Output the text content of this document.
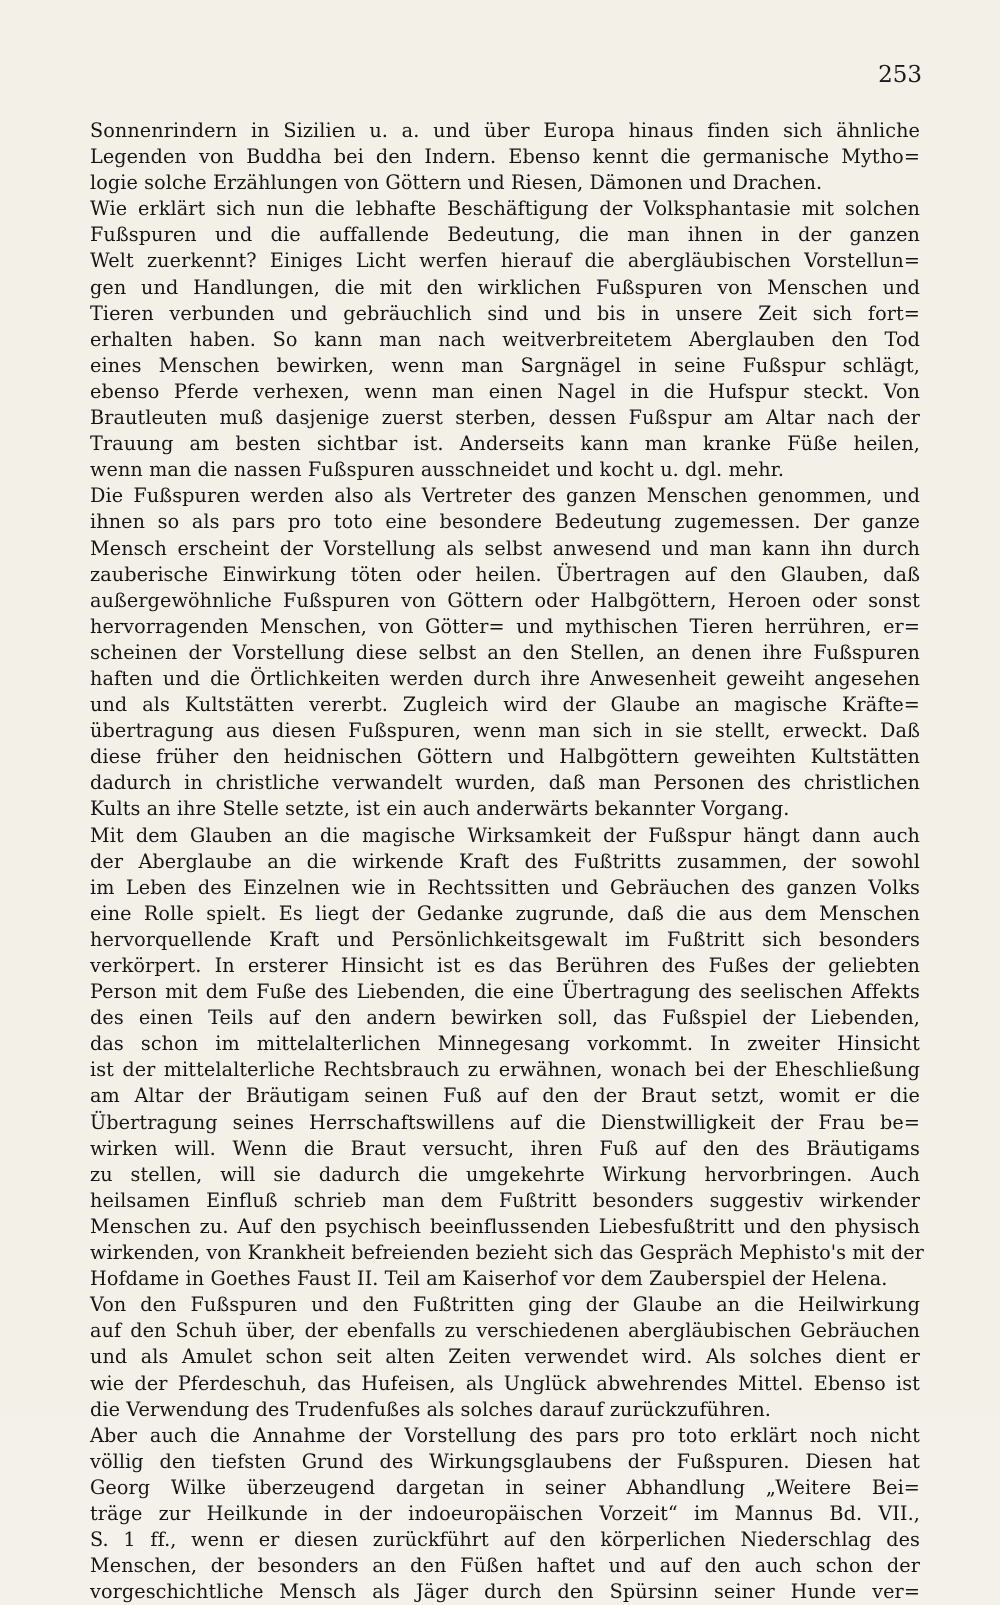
253
Sonnenrindern in Sizilien u. a. und über Europa hinaus finden sich ähnliche
Legenden von Buddha bei den Indern. Ebenso kennt die germanische Mytho=
logie solche Erzählungen von Göttern und Riesen, Dämonen und Drachen.
Wie erklärt sich nun die lebhafte Beschäftigung der Volksphantasie mit solchen
Fußspuren und die auffallende Bedeutung, die man ihnen in der ganzen
Welt zuerkennt? Einiges Licht werfen hierauf die abergläubischen Vorstellun=
gen und Handlungen, die mit den wirklichen Fußspuren von Menschen und
Tieren verbunden und gebräuchlich sind und bis in unsere Zeit sich fort=
erhalten haben. So kann man nach weitverbreitetem Aberglauben den Tod
eines Menschen bewirken, wenn man Sargnägel in seine Fußspur schlägt,
ebenso Pferde verhexen, wenn man einen Nagel in die Hufspur steckt. Von
Brautleuten muß dasjenige zuerst sterben, dessen Fußspur am Altar nach der
Trauung am besten sichtbar ist. Anderseits kann man kranke Füße heilen,
wenn man die nassen Fußspuren ausschneidet und kocht u. dgl. mehr.
Die Fußspuren werden also als Vertreter des ganzen Menschen genommen, und
ihnen so als pars pro toto eine besondere Bedeutung zugemessen. Der ganze
Mensch erscheint der Vorstellung als selbst anwesend und man kann ihn durch
zauberische Einwirkung töten oder heilen. Übertragen auf den Glauben, daß
außergewöhnliche Fußspuren von Göttern oder Halbgöttern, Heroen oder sonst
hervorragenden Menschen, von Götter= und mythischen Tieren herrühren, er=
scheinen der Vorstellung diese selbst an den Stellen, an denen ihre Fußspuren
haften und die Örtlichkeiten werden durch ihre Anwesenheit geweiht angesehen
und als Kultstätten vererbt. Zugleich wird der Glaube an magische Kräfte=
übertragung aus diesen Fußspuren, wenn man sich in sie stellt, erweckt. Daß
diese früher den heidnischen Göttern und Halbgöttern geweihten Kultstätten
dadurch in christliche verwandelt wurden, daß man Personen des christlichen
Kults an ihre Stelle setzte, ist ein auch anderwärts bekannter Vorgang.
Mit dem Glauben an die magische Wirksamkeit der Fußspur hängt dann auch
der Aberglaube an die wirkende Kraft des Fußtritts zusammen, der sowohl
im Leben des Einzelnen wie in Rechtssitten und Gebräuchen des ganzen Volks
eine Rolle spielt. Es liegt der Gedanke zugrunde, daß die aus dem Menschen
hervorquellende Kraft und Persönlichkeitsgewalt im Fußtritt sich besonders
verkörpert. In ersterer Hinsicht ist es das Berühren des Fußes der geliebten
Person mit dem Fuße des Liebenden, die eine Übertragung des seelischen Affekts
des einen Teils auf den andern bewirken soll, das Fußspiel der Liebenden,
das schon im mittelalterlichen Minnegesang vorkommt. In zweiter Hinsicht
ist der mittelalterliche Rechtsbrauch zu erwähnen, wonach bei der Eheschließung
am Altar der Bräutigam seinen Fuß auf den der Braut setzt, womit er die
Übertragung seines Herrschaftswillens auf die Dienstwilligkeit der Frau be=
wirken will. Wenn die Braut versucht, ihren Fuß auf den des Bräutigams
zu stellen, will sie dadurch die umgekehrte Wirkung hervorbringen. Auch
heilsamen Einfluß schrieb man dem Fußtritt besonders suggestiv wirkender
Menschen zu. Auf den psychisch beeinflussenden Liebesfußtritt und den physisch
wirkenden, von Krankheit befreienden bezieht sich das Gespräch Mephisto's mit der
Hofdame in Goethes Faust II. Teil am Kaiserhof vor dem Zauberspiel der Helena.
Von den Fußspuren und den Fußtritten ging der Glaube an die Heilwirkung
auf den Schuh über, der ebenfalls zu verschiedenen abergläubischen Gebräuchen
und als Amulet schon seit alten Zeiten verwendet wird. Als solches dient er
wie der Pferdeschuh, das Hufeisen, als Unglück abwehrendes Mittel. Ebenso ist
die Verwendung des Trudenfußes als solches darauf zurückzuführen.
Aber auch die Annahme der Vorstellung des pars pro toto erklärt noch nicht
völlig den tiefsten Grund des Wirkungsglaubens der Fußspuren. Diesen hat
Georg Wilke überzeugend dargetan in seiner Abhandlung „Weitere Bei=
träge zur Heilkunde in der indoeuropäischen Vorzeit“ im Mannus Bd. VII.,
S. 1 ff., wenn er diesen zurückführt auf den körperlichen Niederschlag des
Menschen, der besonders an den Füßen haftet und auf den auch schon der
vorgeschichtliche Mensch als Jäger durch den Spürsinn seiner Hunde ver=
